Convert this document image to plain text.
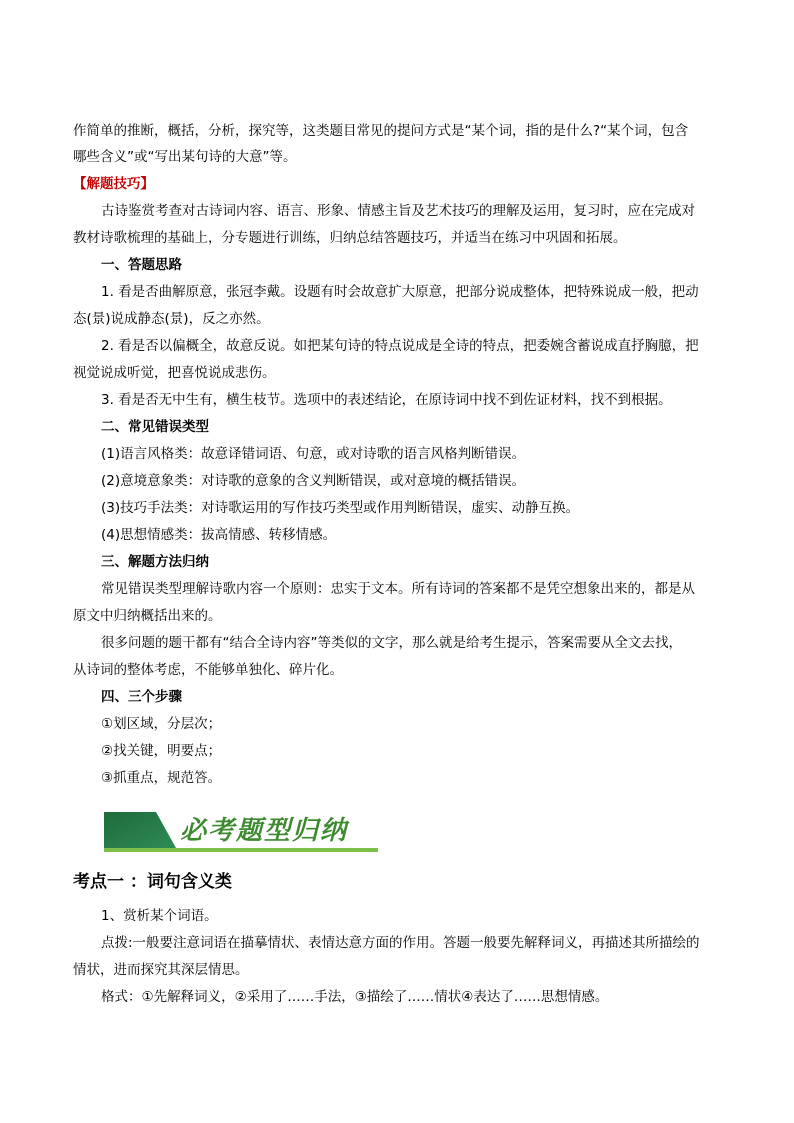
作简单的推断，概括，分析，探究等，这类题目常见的提问方式是“某个词，指的是什么?“某个词，包含
哪些含义”或“写出某句诗的大意”等。
【解题技巧】
古诗鉴赏考查对古诗词内容、语言、形象、情感主旨及艺术技巧的理解及运用，复习时，应在完成对
教材诗歌梳理的基础上，分专题进行训练，归纳总结答题技巧，并适当在练习中巩固和拓展。
一、答题思路
1. 看是否曲解原意，张冠李戴。设题有时会故意扩大原意，把部分说成整体，把特殊说成一般，把动
态(景)说成静态(景)，反之亦然。
2. 看是否以偏概全，故意反说。如把某句诗的特点说成是全诗的特点，把委婉含蓄说成直抒胸臆，把
视觉说成听觉，把喜悦说成悲伤。
3. 看是否无中生有，横生枝节。选项中的表述结论，在原诗词中找不到佐证材料，找不到根据。
二、常见错误类型
(1)语言风格类：故意译错词语、句意，或对诗歌的语言风格判断错误。
(2)意境意象类：对诗歌的意象的含义判断错误，或对意境的概括错误。
(3)技巧手法类：对诗歌运用的写作技巧类型或作用判断错误，虚实、动静互换。
(4)思想情感类：拔高情感、转移情感。
三、解题方法归纳
常见错误类型理解诗歌内容一个原则：忠实于文本。所有诗词的答案都不是凭空想象出来的，都是从
原文中归纳概括出来的。
很多问题的题干都有“结合全诗内容”等类似的文字，那么就是给考生提示，答案需要从全文去找，
从诗词的整体考虑，不能够单独化、碎片化。
四、三个步骤
①划区域，分层次；
②找关键，明要点；
③抓重点，规范答。
必考题型归纳
考点一 ：词句含义类
1、赏析某个词语。
点拨:一般要注意词语在描摹情状、表情达意方面的作用。答题一般要先解释词义，再描述其所描绘的
情状，进而探究其深层情思。
格式：①先解释词义，②采用了……手法，③描绘了……情状④表达了……思想情感。
